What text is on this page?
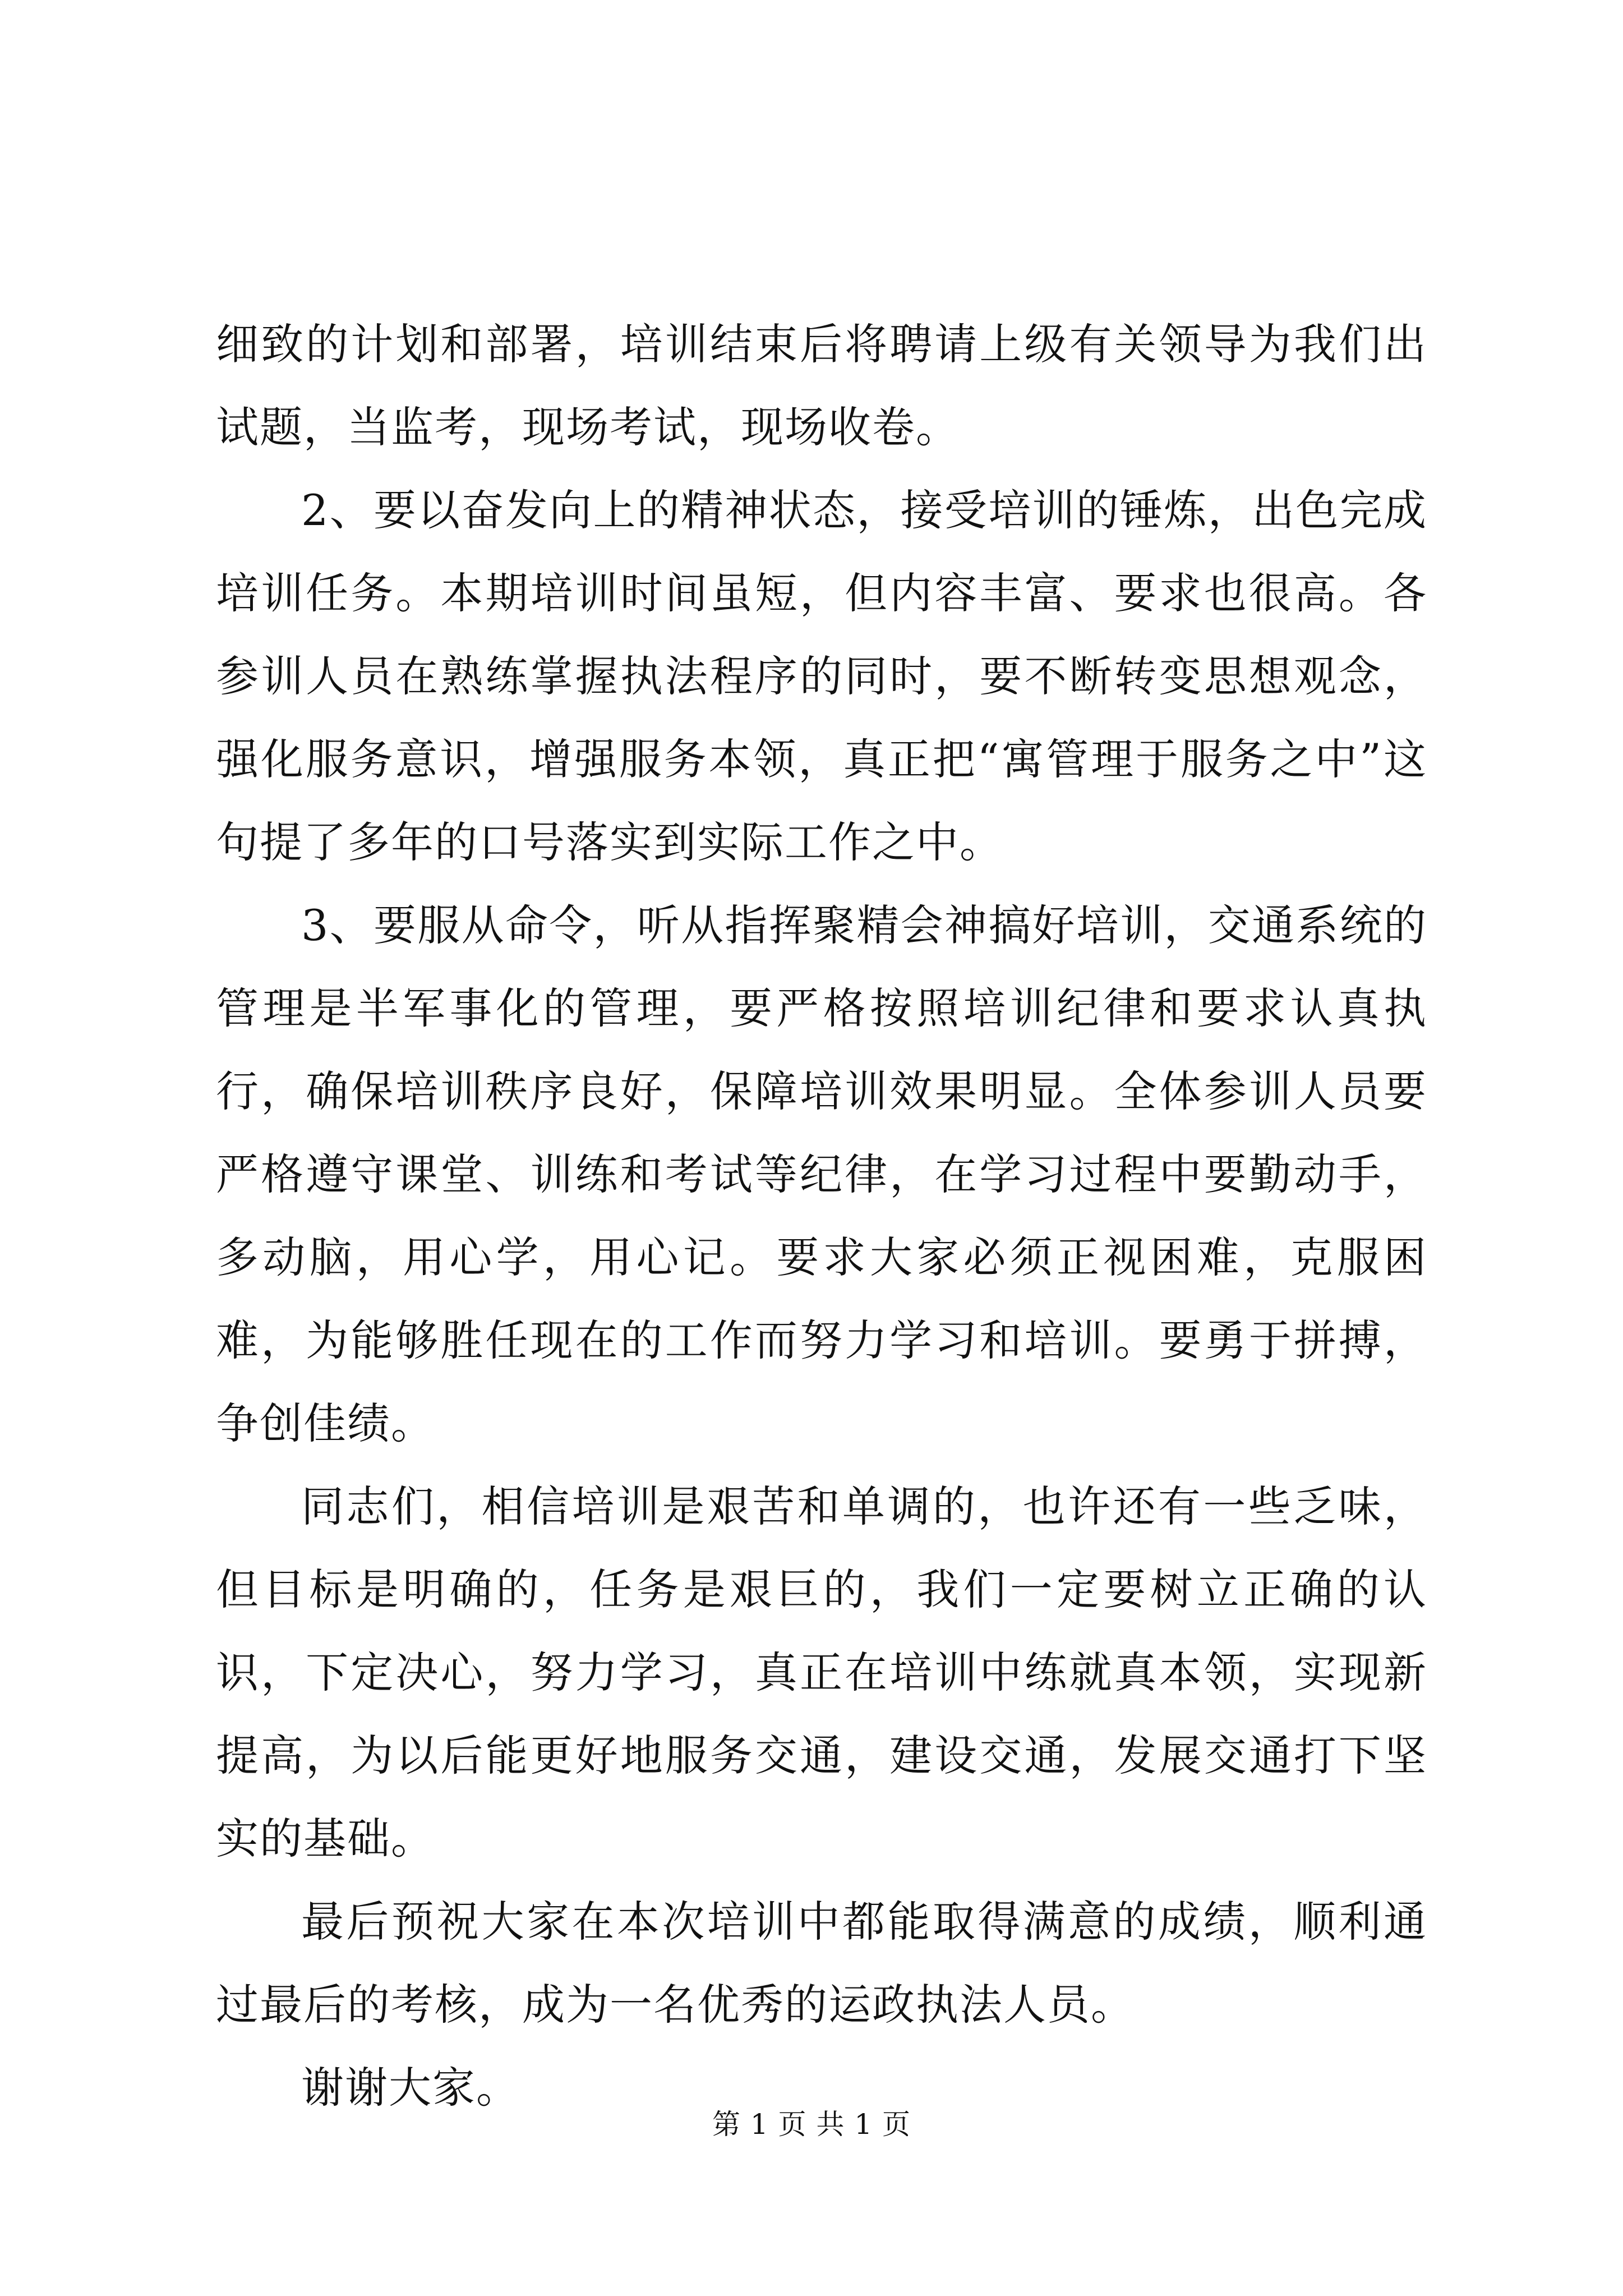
细致的计划和部署，培训结束后将聘请上级有关领导为我们出试题，当监考，现场考试，现场收卷。

2、要以奋发向上的精神状态，接受培训的锤炼，出色完成培训任务。本期培训时间虽短，但内容丰富、要求也很高。各参训人员在熟练掌握执法程序的同时，要不断转变思想观念，强化服务意识，增强服务本领，真正把“寓管理于服务之中”这句提了多年的口号落实到实际工作之中。

3、要服从命令，听从指挥聚精会神搞好培训，交通系统的管理是半军事化的管理，要严格按照培训纪律和要求认真执行，确保培训秩序良好，保障培训效果明显。全体参训人员要严格遵守课堂、训练和考试等纪律，在学习过程中要勤动手，多动脑，用心学，用心记。要求大家必须正视困难，克服困难，为能够胜任现在的工作而努力学习和培训。要勇于拼搏，争创佳绩。

同志们，相信培训是艰苦和单调的，也许还有一些乏味，但目标是明确的，任务是艰巨的，我们一定要树立正确的认识，下定决心，努力学习，真正在培训中练就真本领，实现新提高，为以后能更好地服务交通，建设交通，发展交通打下坚实的基础。

最后预祝大家在本次培训中都能取得满意的成绩，顺利通过最后的考核，成为一名优秀的运政执法人员。

谢谢大家。

第 1 页 共 1 页
